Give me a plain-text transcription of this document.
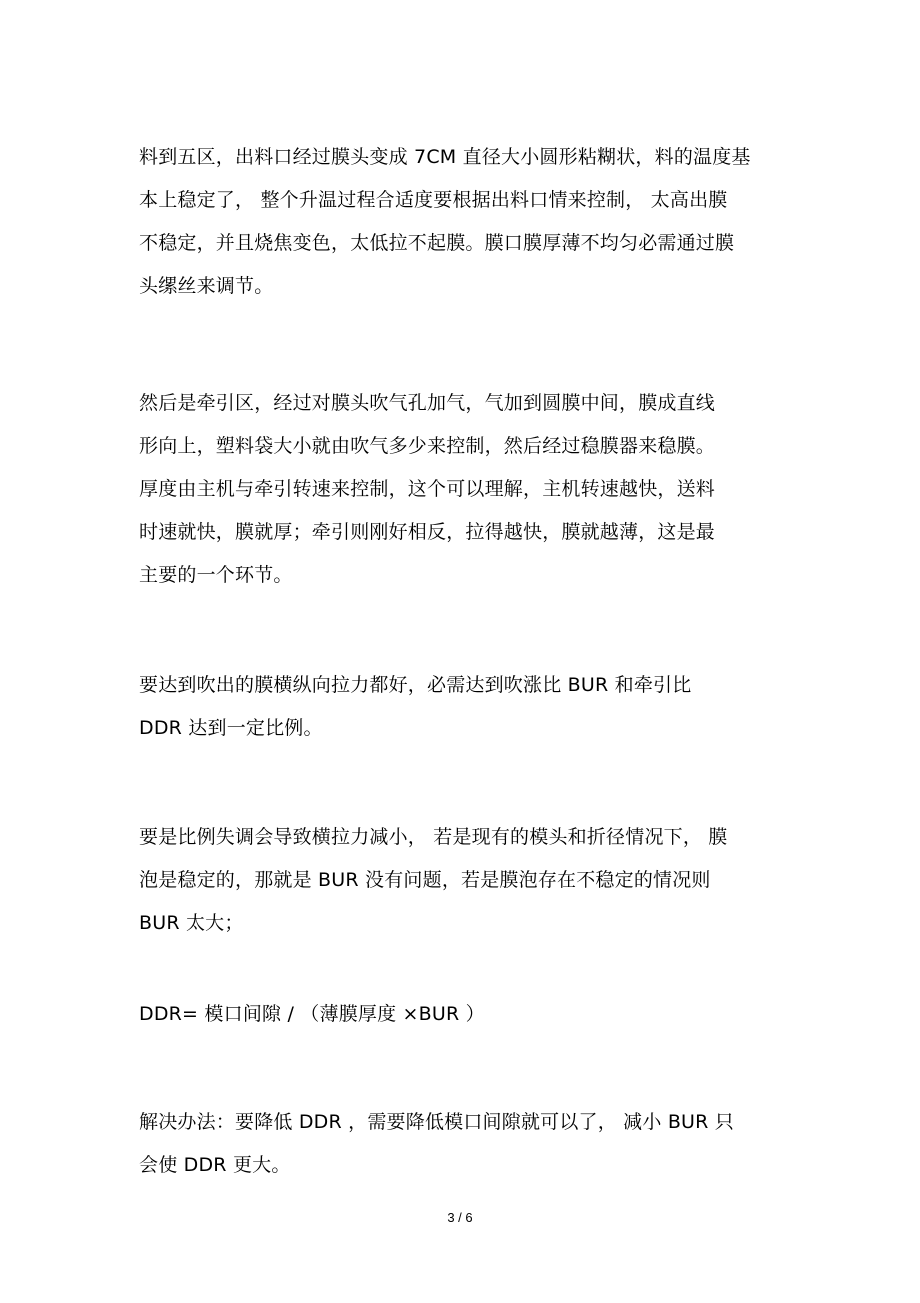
料到五区，出料口经过膜头变成 7CM 直径大小圆形粘糊状，料的温度基
本上稳定了， 整个升温过程合适度要根据出料口情来控制， 太高出膜
不稳定，并且烧焦变色，太低拉不起膜。膜口膜厚薄不均匀必需通过膜
头缧丝来调节。
然后是牵引区，经过对膜头吹气孔加气，气加到圆膜中间，膜成直线
形向上，塑料袋大小就由吹气多少来控制，然后经过稳膜器来稳膜。
厚度由主机与牵引转速来控制，这个可以理解，主机转速越快，送料
时速就快，膜就厚；牵引则刚好相反，拉得越快，膜就越薄，这是最
主要的一个环节。
要达到吹出的膜横纵向拉力都好，必需达到吹涨比 BUR 和牵引比
DDR 达到一定比例。
要是比例失调会导致横拉力减小， 若是现有的模头和折径情况下， 膜
泡是稳定的，那就是 BUR 没有问题，若是膜泡存在不稳定的情况则
BUR 太大；
DDR= 模口间隙 / （薄膜厚度 ×BUR ）
解决办法：要降低 DDR ，需要降低模口间隙就可以了， 减小 BUR 只
会使 DDR 更大。
3 / 6
